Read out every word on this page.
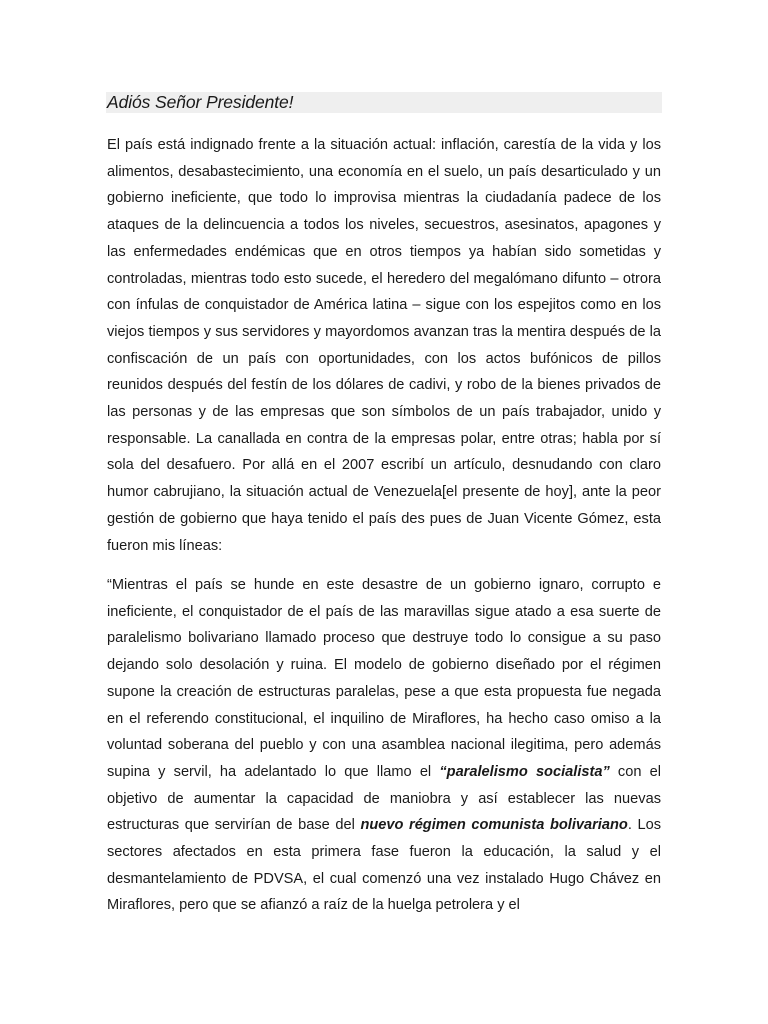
Adiós Señor Presidente!

El país está indignado frente a la situación actual: inflación, carestía de la vida y los alimentos, desabastecimiento, una economía en el suelo, un país desarticulado y un gobierno ineficiente, que todo lo improvisa mientras la ciudadanía padece de los ataques de la delincuencia a todos los niveles, secuestros, asesinatos, apagones y las enfermedades endémicas que en otros tiempos ya habían sido sometidas y controladas, mientras todo esto sucede, el heredero del megalómano difunto – otrora con ínfulas de conquistador de América latina – sigue con los espejitos como en los viejos tiempos y sus servidores y mayordomos avanzan tras la mentira después de la confiscación de un país con oportunidades, con los actos bufónicos de pillos reunidos después del festín de los dólares de cadivi, y robo de la bienes privados de las personas y de las empresas que son símbolos de un país trabajador, unido y responsable. La canallada en contra de la empresas polar, entre otras; habla por sí sola del desafuero. Por allá en el 2007 escribí un artículo, desnudando con claro humor cabrujiano, la situación actual de Venezuela[el presente de hoy], ante la peor gestión de gobierno que haya tenido el país des pues de Juan Vicente Gómez, esta fueron mis líneas:

“Mientras el país se hunde en este desastre de un gobierno ignaro, corrupto e ineficiente, el conquistador de el país de las maravillas sigue atado a esa suerte de paralelismo bolivariano llamado proceso que destruye todo lo consigue a su paso dejando solo desolación y ruina. El modelo de gobierno diseñado por el régimen supone la creación de estructuras paralelas, pese a que esta propuesta fue negada en el referendo constitucional, el inquilino de Miraflores, ha hecho caso omiso a la voluntad soberana del pueblo y con una asamblea nacional ilegitima, pero además supina y servil, ha adelantado lo que llamo el “paralelismo socialista” con el objetivo de aumentar la capacidad de maniobra y así establecer las nuevas estructuras que servirían de base del nuevo régimen comunista bolivariano. Los sectores afectados en esta primera fase fueron la educación, la salud y el desmantelamiento de PDVSA, el cual comenzó una vez instalado Hugo Chávez en Miraflores, pero que se afianzó a raíz de la huelga petrolera y el
